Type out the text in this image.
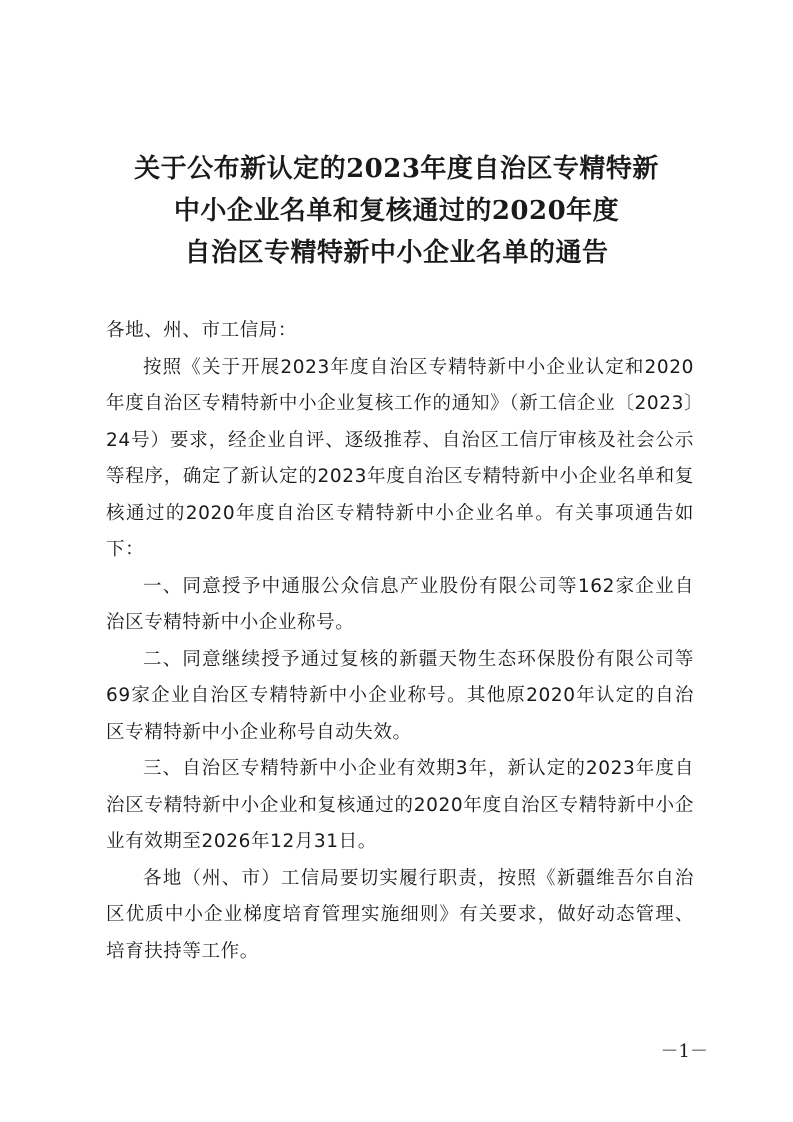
关于公布新认定的2023年度自治区专精特新
中小企业名单和复核通过的2020年度
自治区专精特新中小企业名单的通告

各地、州、市工信局：

按照《关于开展2023年度自治区专精特新中小企业认定和2020年度自治区专精特新中小企业复核工作的通知》（新工信企业〔2023〕24号）要求，经企业自评、逐级推荐、自治区工信厅审核及社会公示等程序，确定了新认定的2023年度自治区专精特新中小企业名单和复核通过的2020年度自治区专精特新中小企业名单。有关事项通告如下：

一、同意授予中通服公众信息产业股份有限公司等162家企业自治区专精特新中小企业称号。

二、同意继续授予通过复核的新疆天物生态环保股份有限公司等69家企业自治区专精特新中小企业称号。其他原2020年认定的自治区专精特新中小企业称号自动失效。

三、自治区专精特新中小企业有效期3年，新认定的2023年度自治区专精特新中小企业和复核通过的2020年度自治区专精特新中小企业有效期至2026年12月31日。

各地（州、市）工信局要切实履行职责，按照《新疆维吾尔自治区优质中小企业梯度培育管理实施细则》有关要求，做好动态管理、培育扶持等工作。

－1－
